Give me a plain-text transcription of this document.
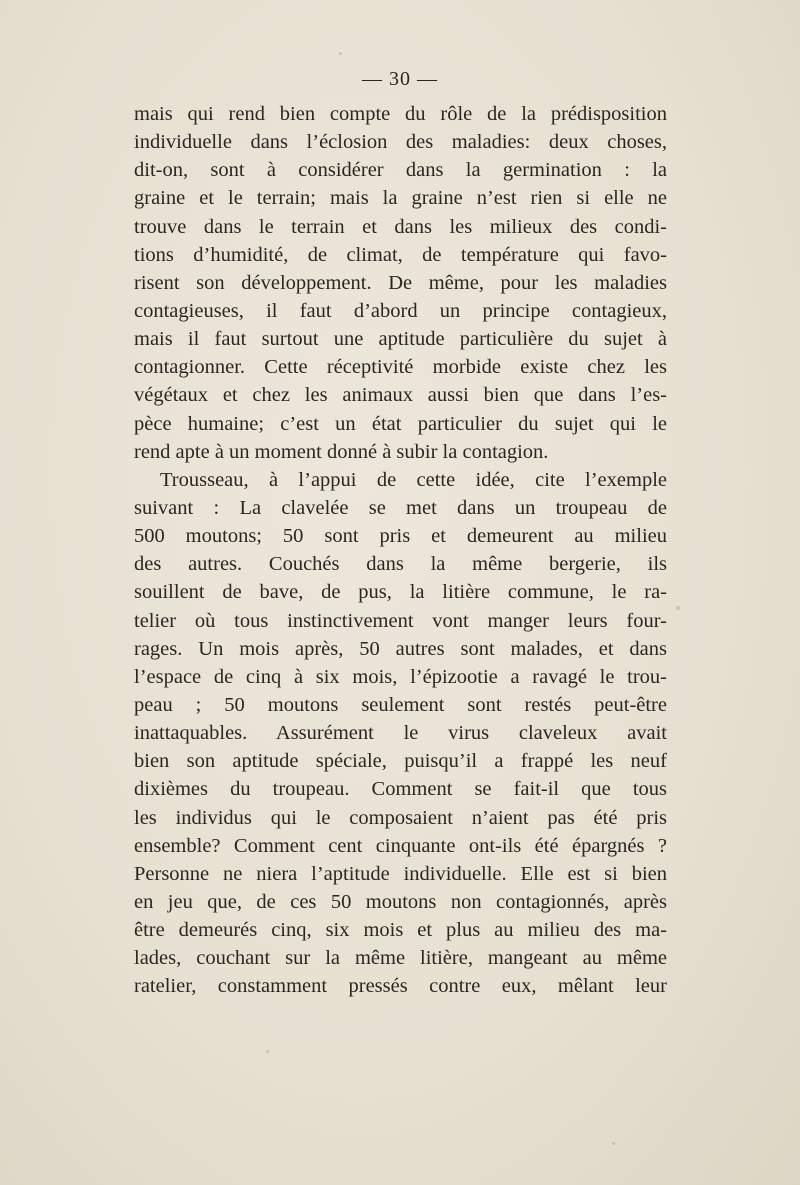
— 30 —
mais qui rend bien compte du rôle de la prédisposition
individuelle dans l’éclosion des maladies: deux choses,
dit-on, sont à considérer dans la germination : la
graine et le terrain; mais la graine n’est rien si elle ne
trouve dans le terrain et dans les milieux des condi-
tions d’humidité, de climat, de température qui favo-
risent son développement. De même, pour les maladies
contagieuses, il faut d’abord un principe contagieux,
mais il faut surtout une aptitude particulière du sujet à
contagionner. Cette réceptivité morbide existe chez les
végétaux et chez les animaux aussi bien que dans l’es-
pèce humaine; c’est un état particulier du sujet qui le
rend apte à un moment donné à subir la contagion.
Trousseau, à l’appui de cette idée, cite l’exemple
suivant : La clavelée se met dans un troupeau de
500 moutons; 50 sont pris et demeurent au milieu
des autres. Couchés dans la même bergerie, ils
souillent de bave, de pus, la litière commune, le ra-
telier où tous instinctivement vont manger leurs four-
rages. Un mois après, 50 autres sont malades, et dans
l’espace de cinq à six mois, l’épizootie a ravagé le trou-
peau ; 50 moutons seulement sont restés peut-être
inattaquables. Assurément le virus claveleux avait
bien son aptitude spéciale, puisqu’il a frappé les neuf
dixièmes du troupeau. Comment se fait-il que tous
les individus qui le composaient n’aient pas été pris
ensemble? Comment cent cinquante ont-ils été épargnés ?
Personne ne niera l’aptitude individuelle. Elle est si bien
en jeu que, de ces 50 moutons non contagionnés, après
être demeurés cinq, six mois et plus au milieu des ma-
lades, couchant sur la même litière, mangeant au même
ratelier, constamment pressés contre eux, mêlant leur
